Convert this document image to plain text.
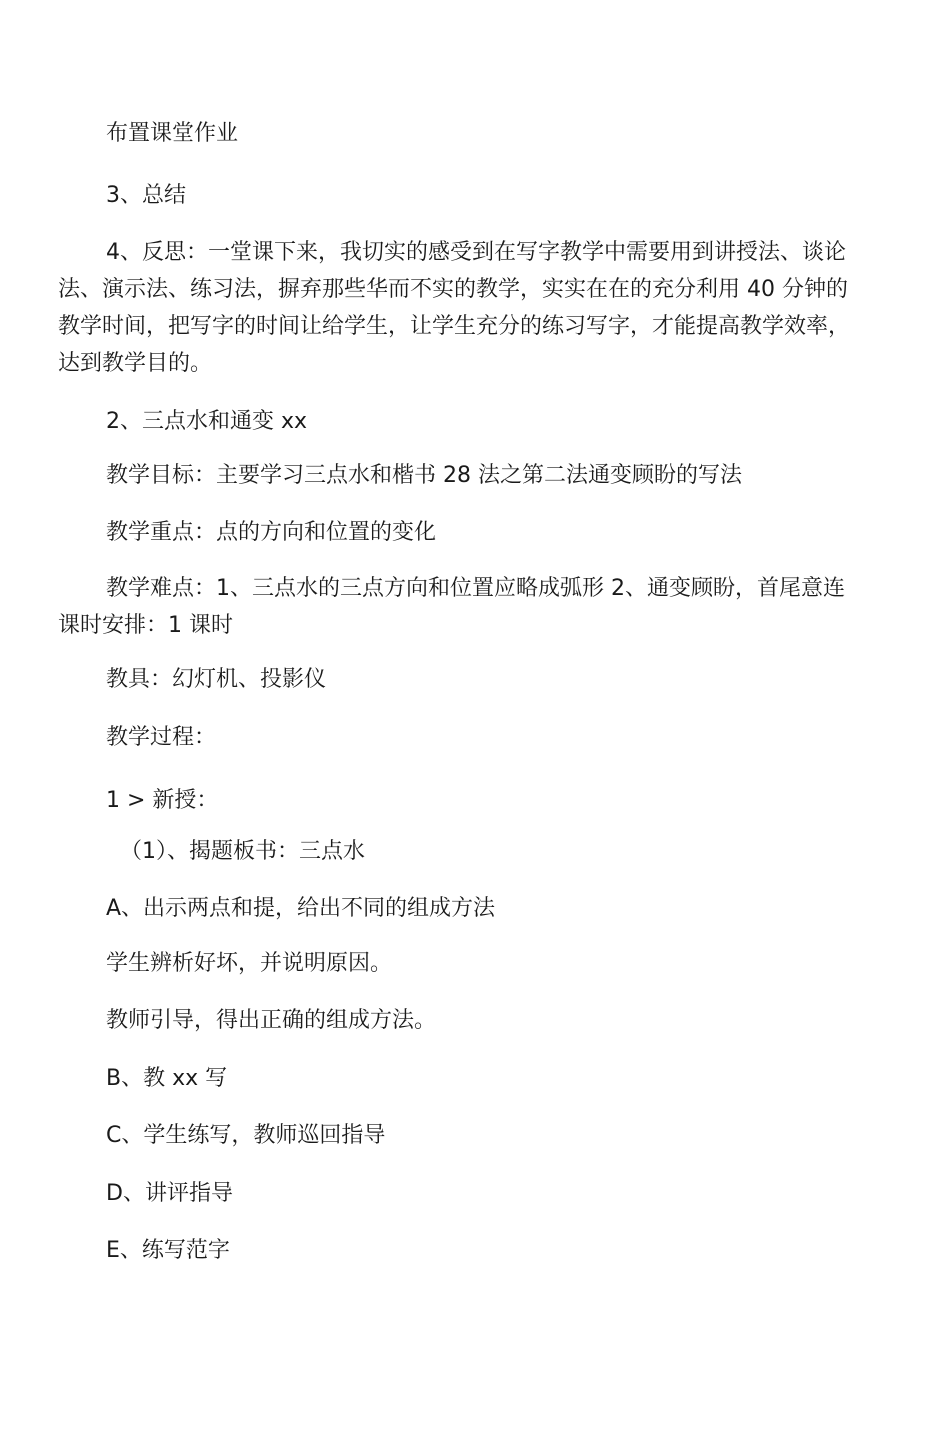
布置课堂作业
3、总结
4、反思：一堂课下来，我切实的感受到在写字教学中需要用到讲授法、谈论
法、演示法、练习法，摒弃那些华而不实的教学，实实在在的充分利用 40 分钟的
教学时间，把写字的时间让给学生，让学生充分的练习写字，才能提高教学效率，
达到教学目的。
2、三点水和通变 xx
教学目标：主要学习三点水和楷书 28 法之第二法通变顾盼的写法
教学重点：点的方向和位置的变化
教学难点：1、三点水的三点方向和位置应略成弧形 2、通变顾盼，首尾意连
课时安排：1 课时
教具：幻灯机、投影仪
教学过程：
1 > 新授：
（1）、揭题板书：三点水
A、出示两点和提，给出不同的组成方法
学生辨析好坏，并说明原因。
教师引导，得出正确的组成方法。
B、教 xx 写
C、学生练写，教师巡回指导
D、讲评指导
E、练写范字
